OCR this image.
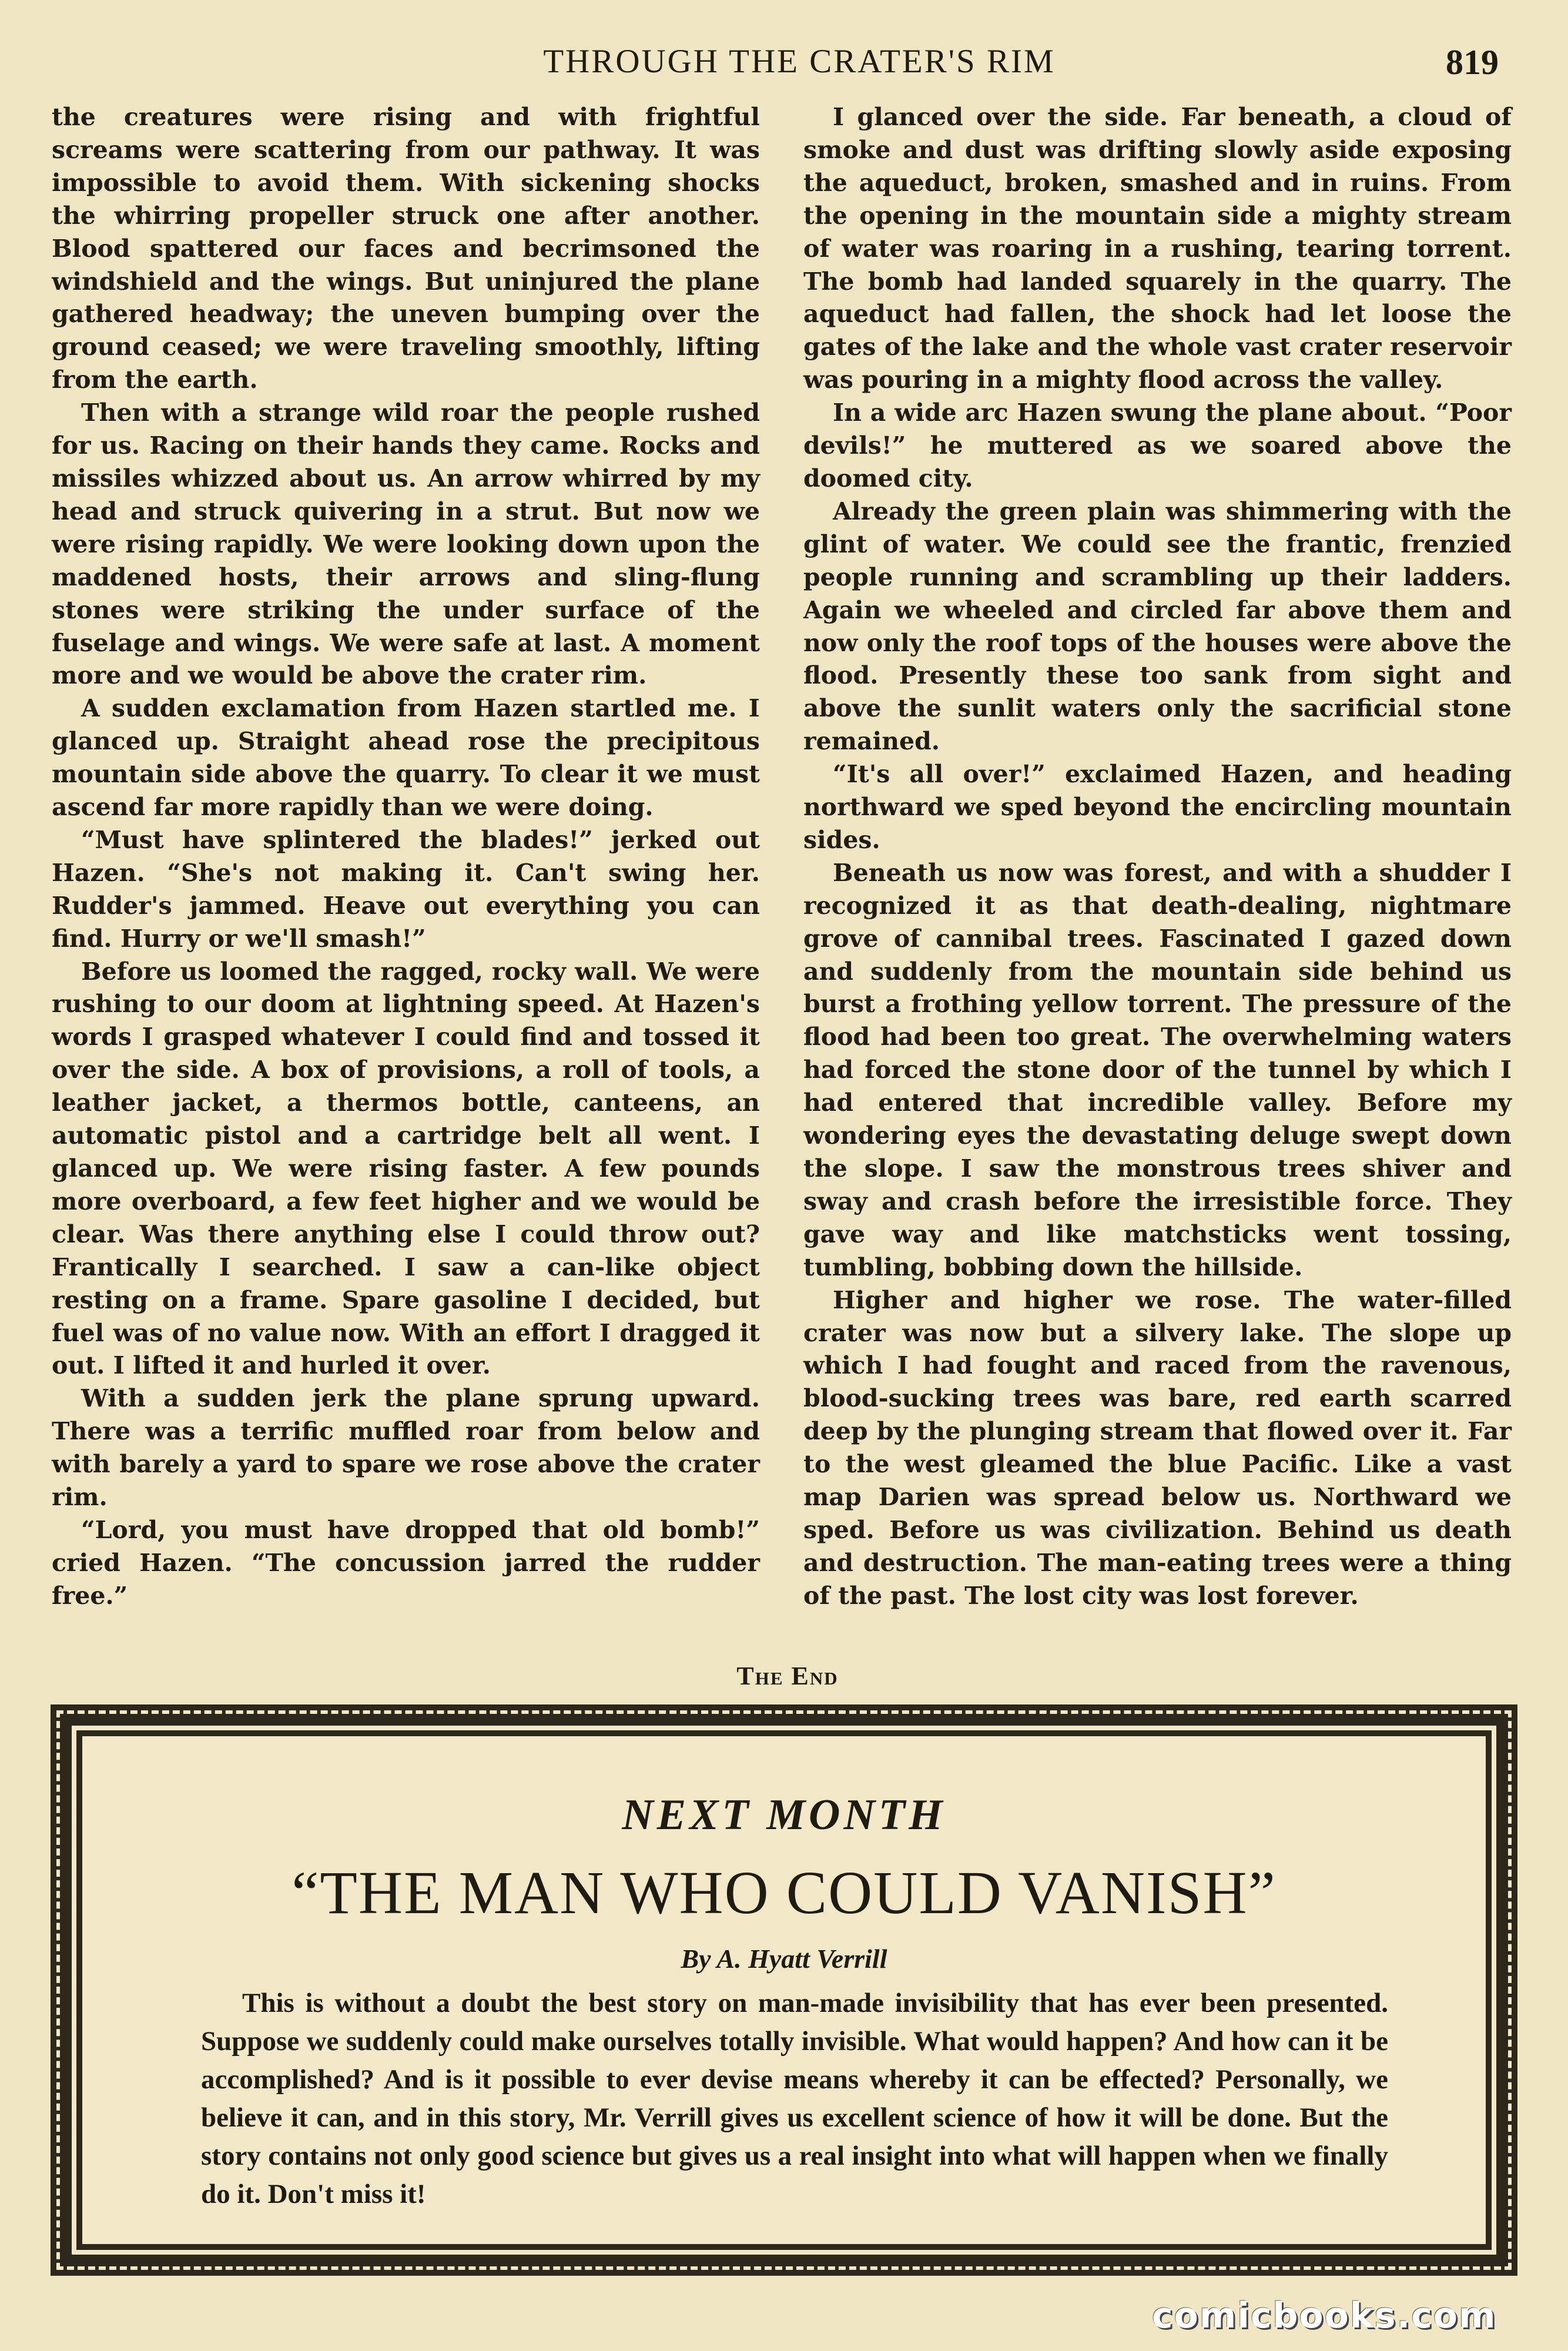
THROUGH THE CRATER'S RIM	819

the creatures were rising and with frightful screams were scattering from our pathway. It was impossible to avoid them. With sickening shocks the whirring propeller struck one after another. Blood spattered our faces and becrimsoned the windshield and the wings. But uninjured the plane gathered headway; the uneven bumping over the ground ceased; we were traveling smoothly, lifting from the earth.

Then with a strange wild roar the people rushed for us. Racing on their hands they came. Rocks and missiles whizzed about us. An arrow whirred by my head and struck quivering in a strut. But now we were rising rapidly. We were looking down upon the maddened hosts, their arrows and sling-flung stones were striking the under surface of the fuselage and wings. We were safe at last. A moment more and we would be above the crater rim.

A sudden exclamation from Hazen startled me. I glanced up. Straight ahead rose the precipitous mountain side above the quarry. To clear it we must ascend far more rapidly than we were doing.

“Must have splintered the blades!” jerked out Hazen. “She's not making it. Can't swing her. Rudder's jammed. Heave out everything you can find. Hurry or we'll smash!”

Before us loomed the ragged, rocky wall. We were rushing to our doom at lightning speed. At Hazen's words I grasped whatever I could find and tossed it over the side. A box of provisions, a roll of tools, a leather jacket, a thermos bottle, canteens, an automatic pistol and a cartridge belt all went. I glanced up. We were rising faster. A few pounds more overboard, a few feet higher and we would be clear. Was there anything else I could throw out? Frantically I searched. I saw a can-like object resting on a frame. Spare gasoline I decided, but fuel was of no value now. With an effort I dragged it out. I lifted it and hurled it over.

With a sudden jerk the plane sprung upward. There was a terrific muffled roar from below and with barely a yard to spare we rose above the crater rim.

“Lord, you must have dropped that old bomb!” cried Hazen. “The concussion jarred the rudder free.”

I glanced over the side. Far beneath, a cloud of smoke and dust was drifting slowly aside exposing the aqueduct, broken, smashed and in ruins. From the opening in the mountain side a mighty stream of water was roaring in a rushing, tearing torrent. The bomb had landed squarely in the quarry. The aqueduct had fallen, the shock had let loose the gates of the lake and the whole vast crater reservoir was pouring in a mighty flood across the valley.

In a wide arc Hazen swung the plane about. “Poor devils!” he muttered as we soared above the doomed city.

Already the green plain was shimmering with the glint of water. We could see the frantic, frenzied people running and scrambling up their ladders. Again we wheeled and circled far above them and now only the roof tops of the houses were above the flood. Presently these too sank from sight and above the sunlit waters only the sacrificial stone remained.

“It's all over!” exclaimed Hazen, and heading northward we sped beyond the encircling mountain sides.

Beneath us now was forest, and with a shudder I recognized it as that death-dealing, nightmare grove of cannibal trees. Fascinated I gazed down and suddenly from the mountain side behind us burst a frothing yellow torrent. The pressure of the flood had been too great. The overwhelming waters had forced the stone door of the tunnel by which I had entered that incredible valley. Before my wondering eyes the devastating deluge swept down the slope. I saw the monstrous trees shiver and sway and crash before the irresistible force. They gave way and like matchsticks went tossing, tumbling, bobbing down the hillside.

Higher and higher we rose. The water-filled crater was now but a silvery lake. The slope up which I had fought and raced from the ravenous, blood-sucking trees was bare, red earth scarred deep by the plunging stream that flowed over it. Far to the west gleamed the blue Pacific. Like a vast map Darien was spread below us. Northward we sped. Before us was civilization. Behind us death and destruction. The man-eating trees were a thing of the past. The lost city was lost forever.

The End
NEXT MONTH
“THE MAN WHO COULD VANISH”
By A. Hyatt Verrill

This is without a doubt the best story on man-made invisibility that has ever been presented. Suppose we suddenly could make ourselves totally invisible. What would happen? And how can it be accomplished? And is it possible to ever devise means whereby it can be effected? Personally, we believe it can, and in this story, Mr. Verrill gives us excellent science of how it will be done. But the story contains not only good science but gives us a real insight into what will happen when we finally do it. Don't miss it!

comicbooks.com
